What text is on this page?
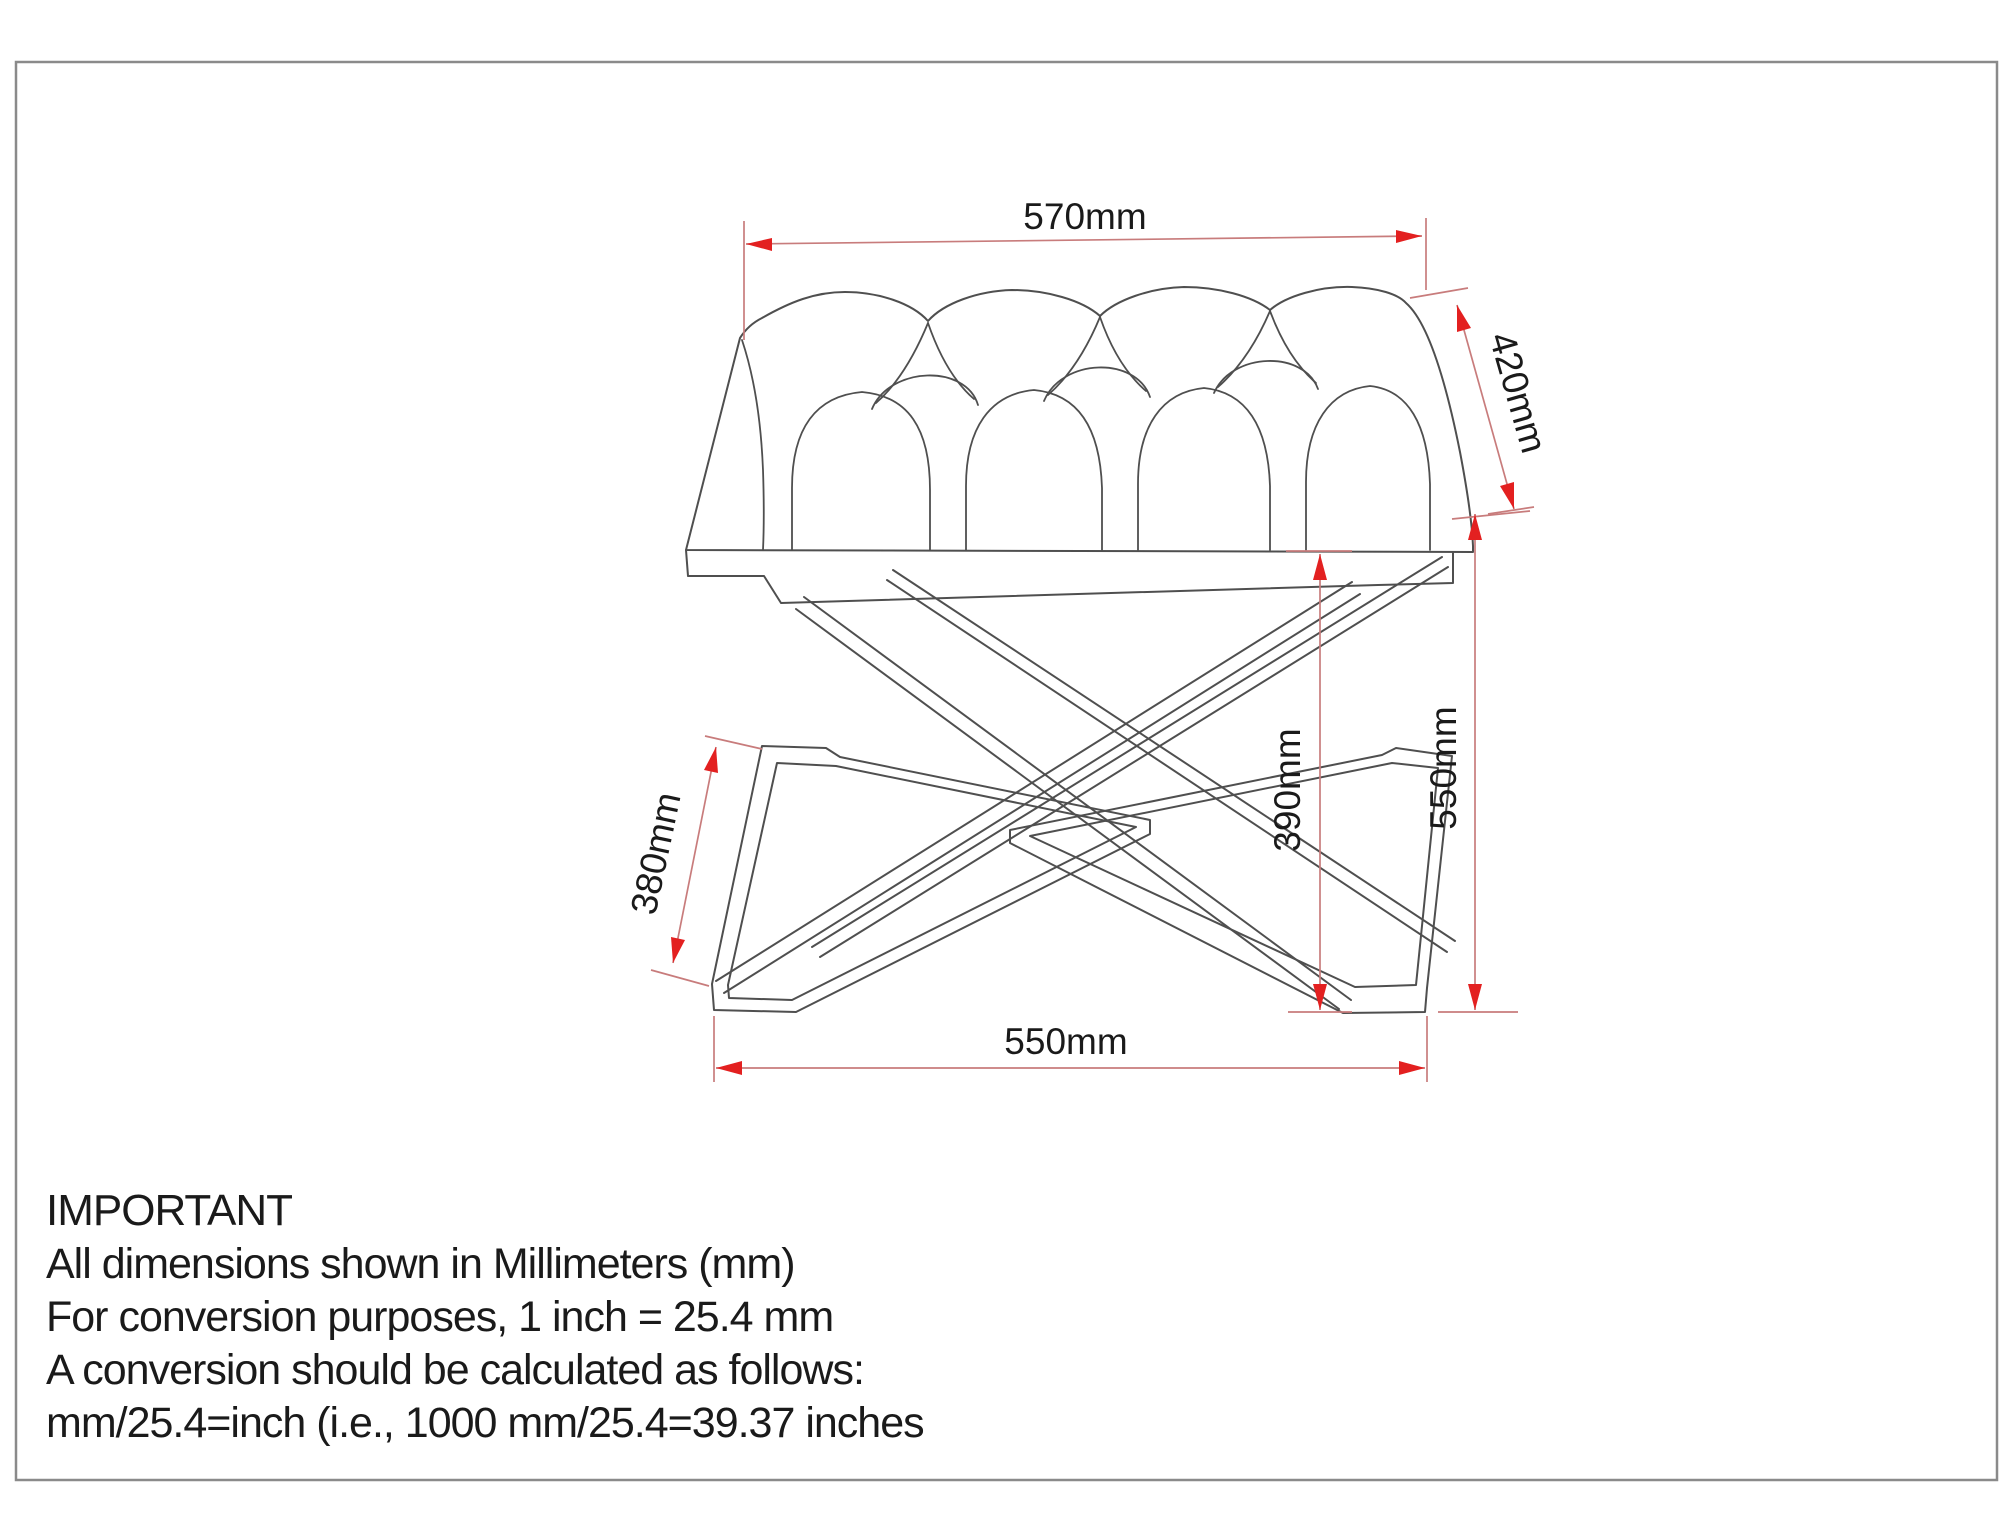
570mm
420mm
390mm	550mm
380mm
550mm
IMPORTANT
All dimensions shown in Millimeters (mm)
For conversion purposes, 1 inch = 25.4 mm
A conversion should be calculated as follows:
mm/25.4=inch (i.e., 1000 mm/25.4=39.37 inches
